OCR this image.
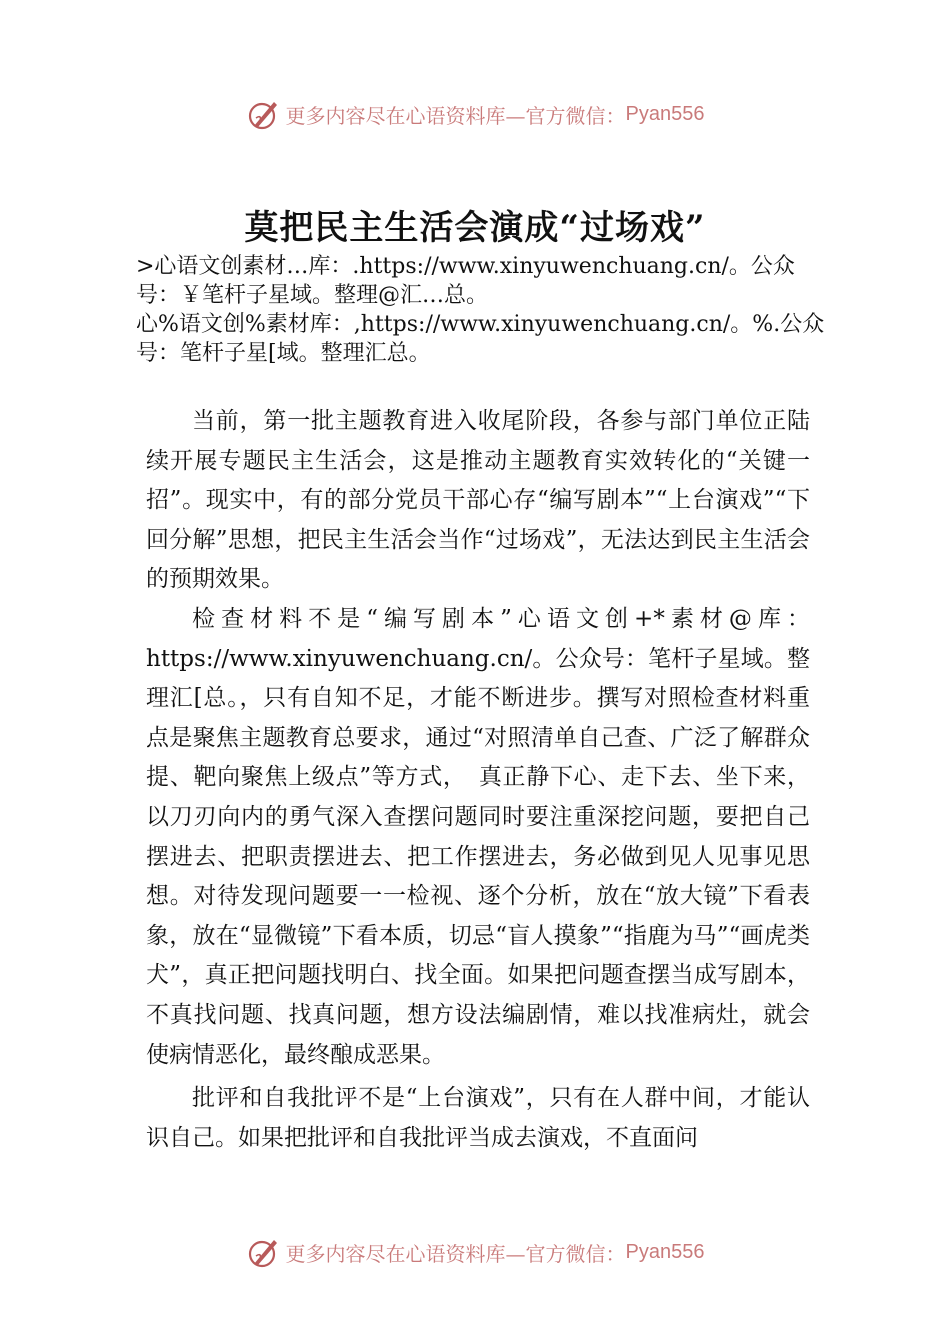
更多内容尽在心语资料库—官方微信： Pyan556
莫把民主生活会演成“过场戏”
>心语文创素材…库：.https://www.xinyuwenchuang.cn/。公众号：￥笔杆子星域。整理@汇…总。
心%语文创%素材库：,https://www.xinyuwenchuang.cn/。%.公众号：笔杆子星[域。整理汇总。

当前，第一批主题教育进入收尾阶段，各参与部门单位正陆续开展专题民主生活会，这是推动主题教育实效转化的“关键一招”。现实中，有的部分党员干部心存“编写剧本”“上台演戏”“下回分解”思想，把民主生活会当作“过场戏”，无法达到民主生活会的预期效果。

检查材料不是“编写剧本”心语文创+*素材@库：https://www.xinyuwenchuang.cn/。公众号：笔杆子星域。整理汇[总。，只有自知不足，才能不断进步。撰写对照检查材料重点是聚焦主题教育总要求，通过“对照清单自己查、广泛了解群众提、靶向聚焦上级点”等方式，　真正静下心、走下去、坐下来，以刀刃向内的勇气深入查摆问题同时要注重深挖问题，要把自己摆进去、把职责摆进去、把工作摆进去，务必做到见人见事见思想。对待发现问题要一一检视、逐个分析，放在“放大镜”下看表象，放在“显微镜”下看本质，切忌“盲人摸象”“指鹿为马”“画虎类犬”，真正把问题找明白、找全面。如果把问题查摆当成写剧本，不真找问题、找真问题，想方设法编剧情，难以找准病灶，就会使病情恶化，最终酿成恶果。

批评和自我批评不是“上台演戏”，只有在人群中间，才能认识自己。如果把批评和自我批评当成去演戏，不直面问

更多内容尽在心语资料库—官方微信： Pyan556
